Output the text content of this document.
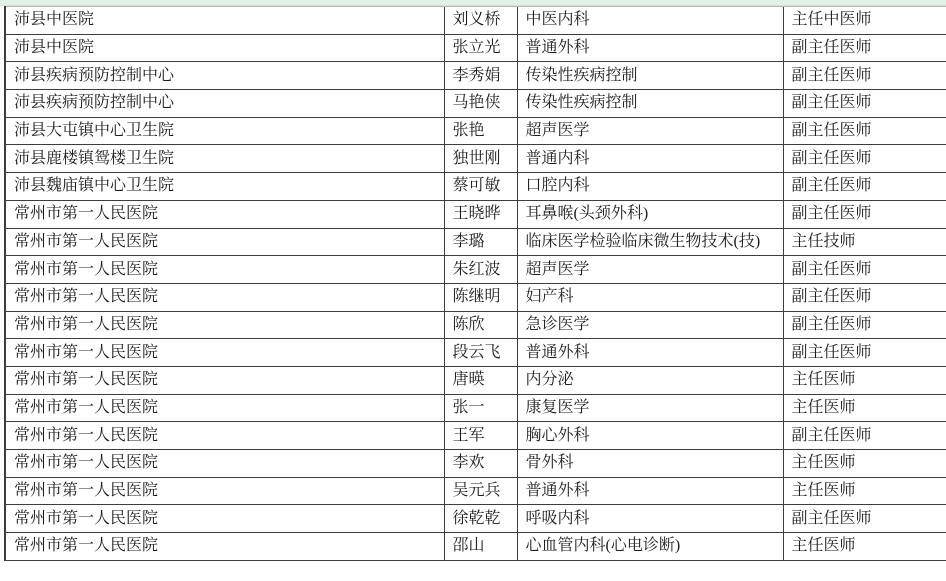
沛县中医院	刘义桥	中医内科	主任中医师
沛县中医院	张立光	普通外科	副主任医师
沛县疾病预防控制中心	李秀娟	传染性疾病控制	副主任医师
沛县疾病预防控制中心	马艳侠	传染性疾病控制	副主任医师
沛县大屯镇中心卫生院	张艳	超声医学	副主任医师
沛县鹿楼镇鸳楼卫生院	独世刚	普通内科	副主任医师
沛县魏庙镇中心卫生院	蔡可敏	口腔内科	副主任医师
常州市第一人民医院	王晓晔	耳鼻喉(头颈外科)	副主任医师
常州市第一人民医院	李璐	临床医学检验临床微生物技术(技)	主任技师
常州市第一人民医院	朱红波	超声医学	副主任医师
常州市第一人民医院	陈继明	妇产科	副主任医师
常州市第一人民医院	陈欣	急诊医学	副主任医师
常州市第一人民医院	段云飞	普通外科	副主任医师
常州市第一人民医院	唐暎	内分泌	主任医师
常州市第一人民医院	张一	康复医学	主任医师
常州市第一人民医院	王军	胸心外科	副主任医师
常州市第一人民医院	李欢	骨外科	主任医师
常州市第一人民医院	吴元兵	普通外科	主任医师
常州市第一人民医院	徐乾乾	呼吸内科	副主任医师
常州市第一人民医院	邵山	心血管内科(心电诊断)	主任医师
